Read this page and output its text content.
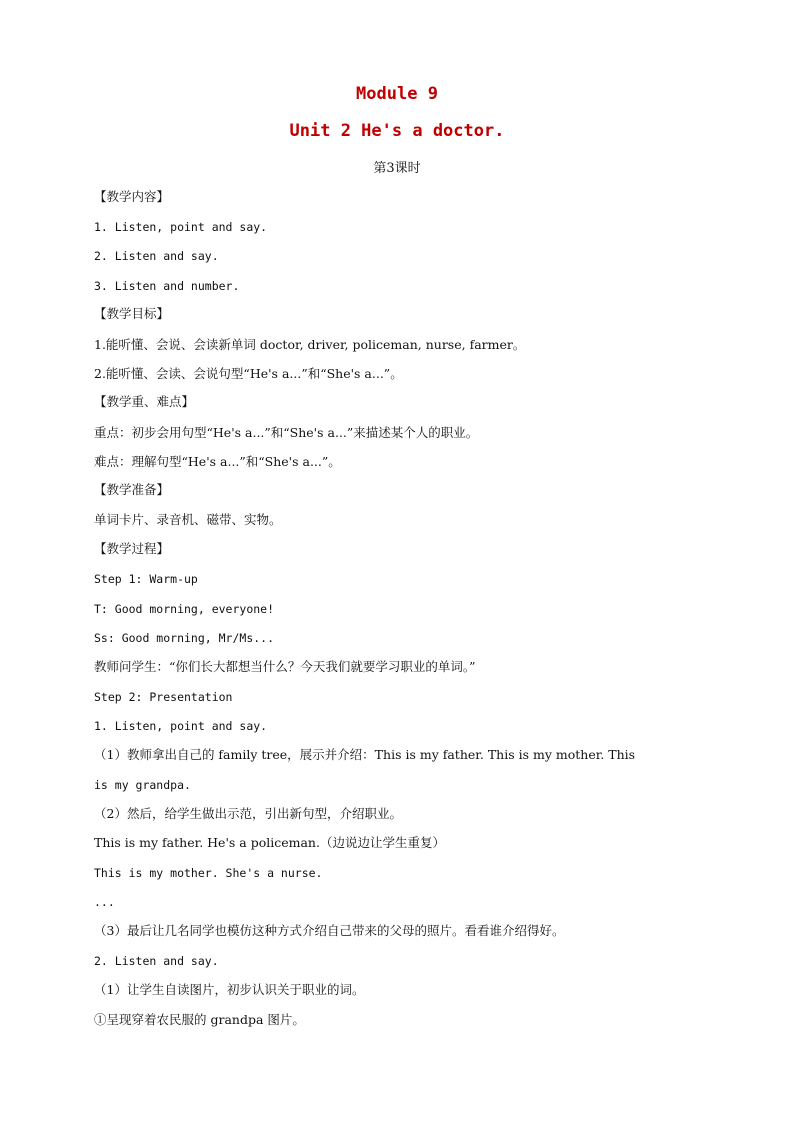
Module 9
Unit 2 He's a doctor.
第3课时
【教学内容】
1. Listen, point and say.
2. Listen and say.
3. Listen and number.
【教学目标】
1.能听懂、会说、会读新单词 doctor, driver, policeman, nurse, farmer。
2.能听懂、会读、会说句型“He's a...”和“She's a...”。
【教学重、难点】
重点：初步会用句型“He's a...”和“She's a...”来描述某个人的职业。
难点：理解句型“He's a...”和“She's a...”。
【教学准备】
单词卡片、录音机、磁带、实物。
【教学过程】
Step 1: Warm-up
T: Good morning, everyone!
Ss: Good morning, Mr/Ms...
教师问学生：“你们长大都想当什么？今天我们就要学习职业的单词。”
Step 2: Presentation
1. Listen, point and say.
（1）教师拿出自己的 family tree，展示并介绍：This is my father. This is my mother. This
is my grandpa.
（2）然后，给学生做出示范，引出新句型，介绍职业。
This is my father. He's a policeman.（边说边让学生重复）
This is my mother. She's a nurse.
...
（3）最后让几名同学也模仿这种方式介绍自己带来的父母的照片。看看谁介绍得好。
2. Listen and say.
（1）让学生自读图片，初步认识关于职业的词。
①呈现穿着农民服的 grandpa 图片。
